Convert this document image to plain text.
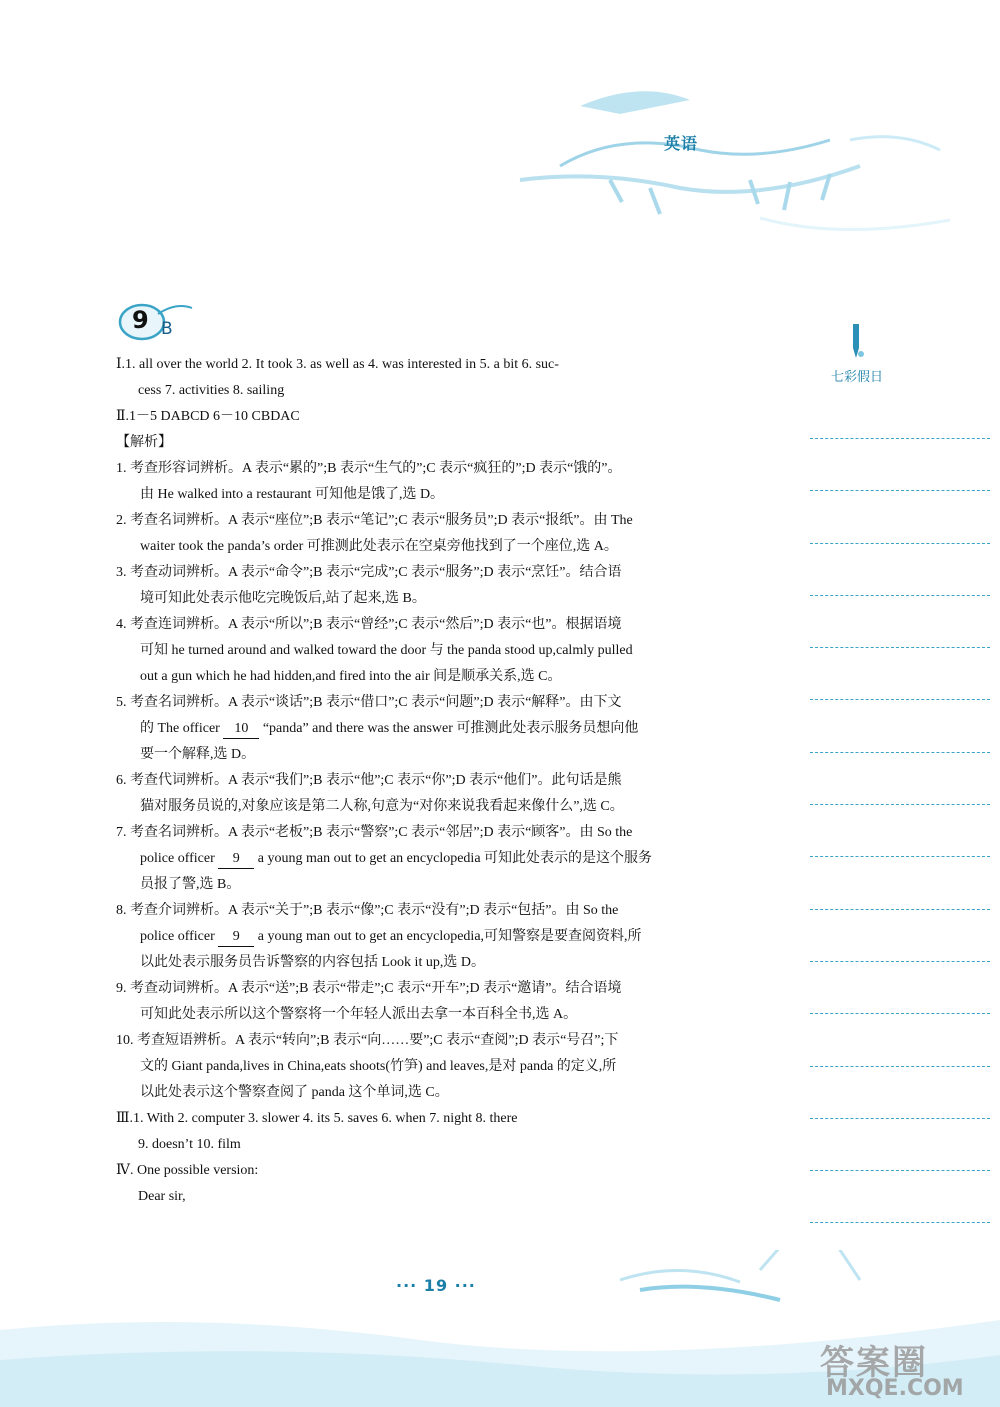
英语
9 B
七彩假日
Ⅰ.1. all over the world 2. It took 3. as well as 4. was interested in 5. a bit 6. suc-
cess 7. activities 8. sailing
Ⅱ.1－5 DABCD 6－10 CBDAC
【解析】
1. 考查形容词辨析。A 表示“累的”;B 表示“生气的”;C 表示“疯狂的”;D 表示“饿的”。
由 He walked into a restaurant 可知他是饿了,选 D。
2. 考查名词辨析。A 表示“座位”;B 表示“笔记”;C 表示“服务员”;D 表示“报纸”。由 The
waiter took the panda’s order 可推测此处表示在空桌旁他找到了一个座位,选 A。
3. 考查动词辨析。A 表示“命令”;B 表示“完成”;C 表示“服务”;D 表示“烹饪”。结合语
境可知此处表示他吃完晚饭后,站了起来,选 B。
4. 考查连词辨析。A 表示“所以”;B 表示“曾经”;C 表示“然后”;D 表示“也”。根据语境
可知 he turned around and walked toward the door 与 the panda stood up,calmly pulled
out a gun which he had hidden,and fired into the air 间是顺承关系,选 C。
5. 考查名词辨析。A 表示“谈话”;B 表示“借口”;C 表示“问题”;D 表示“解释”。由下文
的 The officer 10 “panda” and there was the answer 可推测此处表示服务员想向他
要一个解释,选 D。
6. 考查代词辨析。A 表示“我们”;B 表示“他”;C 表示“你”;D 表示“他们”。此句话是熊
猫对服务员说的,对象应该是第二人称,句意为“对你来说我看起来像什么”,选 C。
7. 考查名词辨析。A 表示“老板”;B 表示“警察”;C 表示“邻居”;D 表示“顾客”。由 So the
police officer 9 a young man out to get an encyclopedia 可知此处表示的是这个服务
员报了警,选 B。
8. 考查介词辨析。A 表示“关于”;B 表示“像”;C 表示“没有”;D 表示“包括”。由 So the
police officer 9 a young man out to get an encyclopedia,可知警察是要查阅资料,所
以此处表示服务员告诉警察的内容包括 Look it up,选 D。
9. 考查动词辨析。A 表示“送”;B 表示“带走”;C 表示“开车”;D 表示“邀请”。结合语境
可知此处表示所以这个警察将一个年轻人派出去拿一本百科全书,选 A。
10. 考查短语辨析。A 表示“转向”;B 表示“向……要”;C 表示“查阅”;D 表示“号召”;下
文的 Giant panda,lives in China,eats shoots(竹笋) and leaves,是对 panda 的定义,所
以此处表示这个警察查阅了 panda 这个单词,选 C。
Ⅲ.1. With 2. computer 3. slower 4. its 5. saves 6. when 7. night 8. there
9. doesn’t 10. film
Ⅳ. One possible version:
Dear sir,
··· 19 ···
答案圈
MXQE.COM
